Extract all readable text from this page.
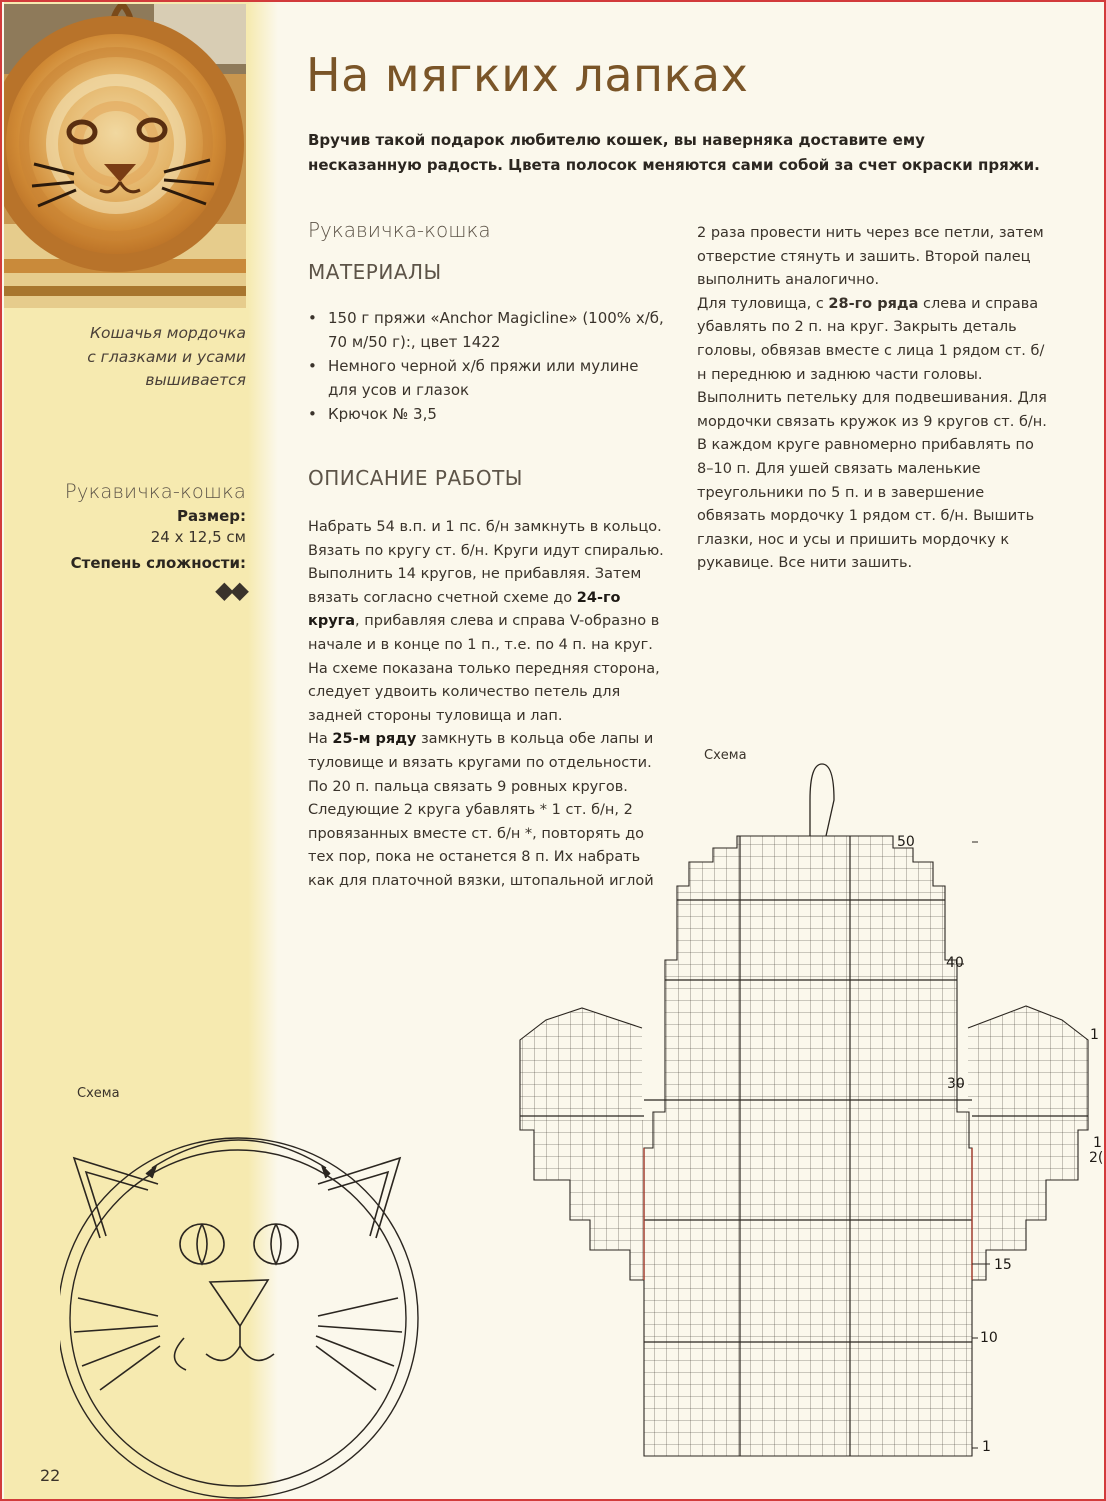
Кошачья мордочка
с глазками и усами
вышивается
Рукавичка-кошка
Размер:
24 х 12,5 см
Степень сложности:
◆◆
На мягких лапках

Вручив такой подарок любителю кошек, вы наверняка доставите ему несказанную радость. Цвета полосок меняются сами собой за счет окраски пряжи.

Рукавичка-кошка
МАТЕРИАЛЫ
• 150 г пряжи «Anchor Magicline» (100% х/б, 70 м/50 г):, цвет 1422
• Немного черной х/б пряжи или мулине для усов и глазок
• Крючок № 3,5
ОПИСАНИЕ РАБОТЫ

Набрать 54 в.п. и 1 пс. б/н замкнуть в кольцо. Вязать по кругу ст. б/н. Круги идут спиралью. Выполнить 14 кругов, не прибавляя. Затем вязать согласно счетной схеме до 24-го круга, прибавляя слева и справа V-образно в начале и в конце по 1 п., т.е. по 4 п. на круг. На схеме показана только передняя сторона, следует удвоить количество петель для задней стороны туловища и лап.

На 25-м ряду замкнуть в кольца обе лапы и туловище и вязать кругами по отдельности. По 20 п. пальца связать 9 ровных кругов. Следующие 2 круга убавлять * 1 ст. б/н, 2 провязанных вместе ст. б/н *, повторять до тех пор, пока не останется 8 п. Их набрать как для платочной вязки, штопальной иглой

2 раза провести нить через все петли, затем отверстие стянуть и зашить. Второй палец выполнить аналогично.

Для туловища, с 28-го ряда слева и справа убавлять по 2 п. на круг. Закрыть деталь головы, обвязав вместе с лица 1 рядом ст. б/н переднюю и заднюю части головы. Выполнить петельку для подвешивания. Для мордочки связать кружок из 9 кругов ст. б/н. В каждом круге равномерно прибавлять по 8–10 п. Для ушей связать маленькие треугольники по 5 п. и в завершение обвязать мордочку 1 рядом ст. б/н. Вышить глазки, нос и усы и пришить мордочку к рукавице. Все нити зашить.

Схема
Схема
50
40
30
15
10
1
1
1
2(
22
